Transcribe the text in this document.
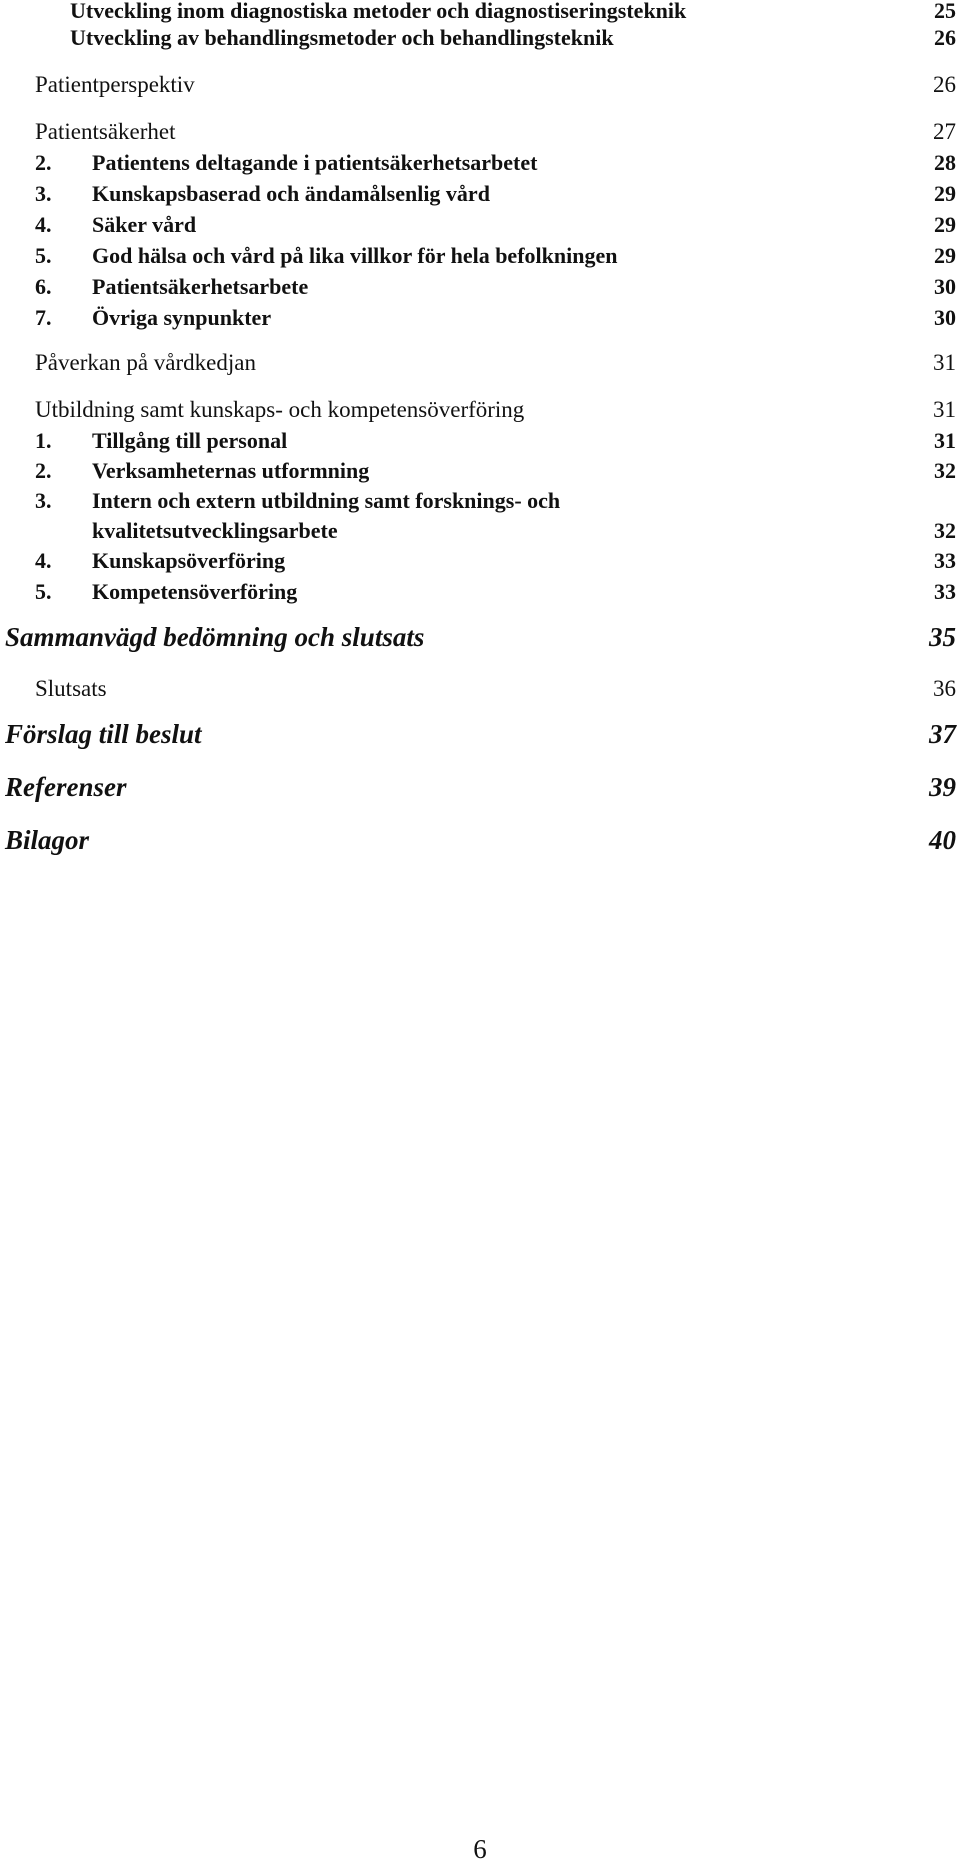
Utveckling inom diagnostiska metoder och diagnostiseringsteknik	25
Utveckling av behandlingsmetoder och behandlingsteknik	26
Patientperspektiv	26
Patientsäkerhet	27
2. Patientens deltagande i patientsäkerhetsarbetet	28
3. Kunskapsbaserad och ändamålsenlig vård	29
4. Säker vård	29
5. God hälsa och vård på lika villkor för hela befolkningen	29
6. Patientsäkerhetsarbete	30
7. Övriga synpunkter	30
Påverkan på vårdkedjan	31
Utbildning samt kunskaps- och kompetensöverföring	31
1. Tillgång till personal	31
2. Verksamheternas utformning	32
3. Intern och extern utbildning samt forsknings- och
kvalitetsutvecklingsarbete	32
4. Kunskapsöverföring	33
5. Kompetensöverföring	33
Sammanvägd bedömning och slutsats	35
Slutsats	36
Förslag till beslut	37
Referenser	39
Bilagor	40
6
